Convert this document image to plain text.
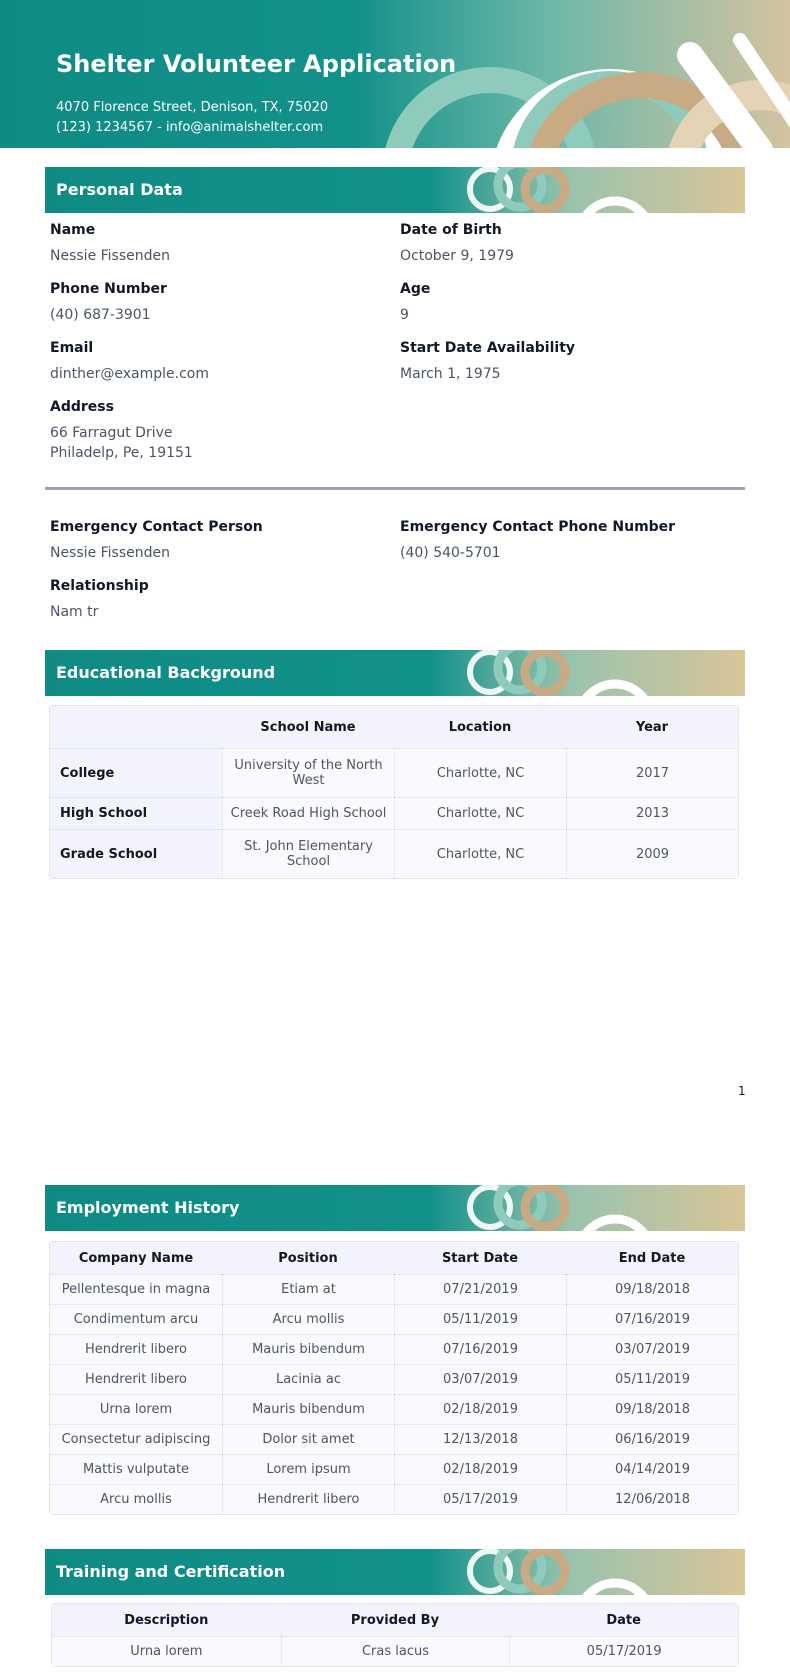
Shelter Volunteer Application
4070 Florence Street, Denison, TX, 75020
(123) 1234567 - info@animalshelter.com
Personal Data
Name
Nessie Fissenden
Date of Birth
October 9, 1979
Phone Number
(40) 687-3901
Age
9
Email
dinther@example.com
Start Date Availability
March 1, 1975
Address
66 Farragut Drive
Philadelp, Pe, 19151
Emergency Contact Person
Nessie Fissenden
Emergency Contact Phone Number
(40) 540-5701
Relationship
Nam tr
Educational Background
	School Name	Location	Year
College	University of the North West	Charlotte, NC	2017
High School	Creek Road High School	Charlotte, NC	2013
Grade School	St. John Elementary School	Charlotte, NC	2009
1
Employment History
Company Name	Position	Start Date	End Date
Pellentesque in magna	Etiam at	07/21/2019	09/18/2018
Condimentum arcu	Arcu mollis	05/11/2019	07/16/2019
Hendrerit libero	Mauris bibendum	07/16/2019	03/07/2019
Hendrerit libero	Lacinia ac	03/07/2019	05/11/2019
Urna lorem	Mauris bibendum	02/18/2019	09/18/2018
Consectetur adipiscing	Dolor sit amet	12/13/2018	06/16/2019
Mattis vulputate	Lorem ipsum	02/18/2019	04/14/2019
Arcu mollis	Hendrerit libero	05/17/2019	12/06/2018
Training and Certification
Description	Provided By	Date
Urna lorem	Cras lacus	05/17/2019
